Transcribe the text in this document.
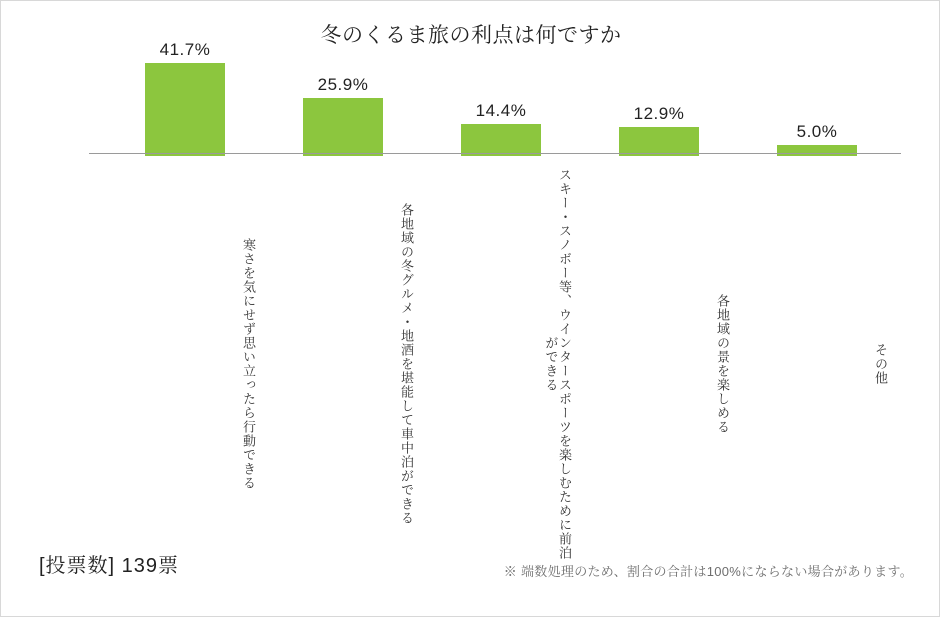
冬のくるま旅の利点は何ですか
41.7%
25.9%
14.4%	12.9%
5.0%
寒さを気にせず思い立ったら行動できる	各地域の冬グルメ・地酒を堪能して車中泊ができる	スキー・スノボー等、ウインタースポーツを楽しむために前泊ができる	各地域の景を楽しめる	その他
[投票数] 139票	※ 端数処理のため、割合の合計は100%にならない場合があります。
